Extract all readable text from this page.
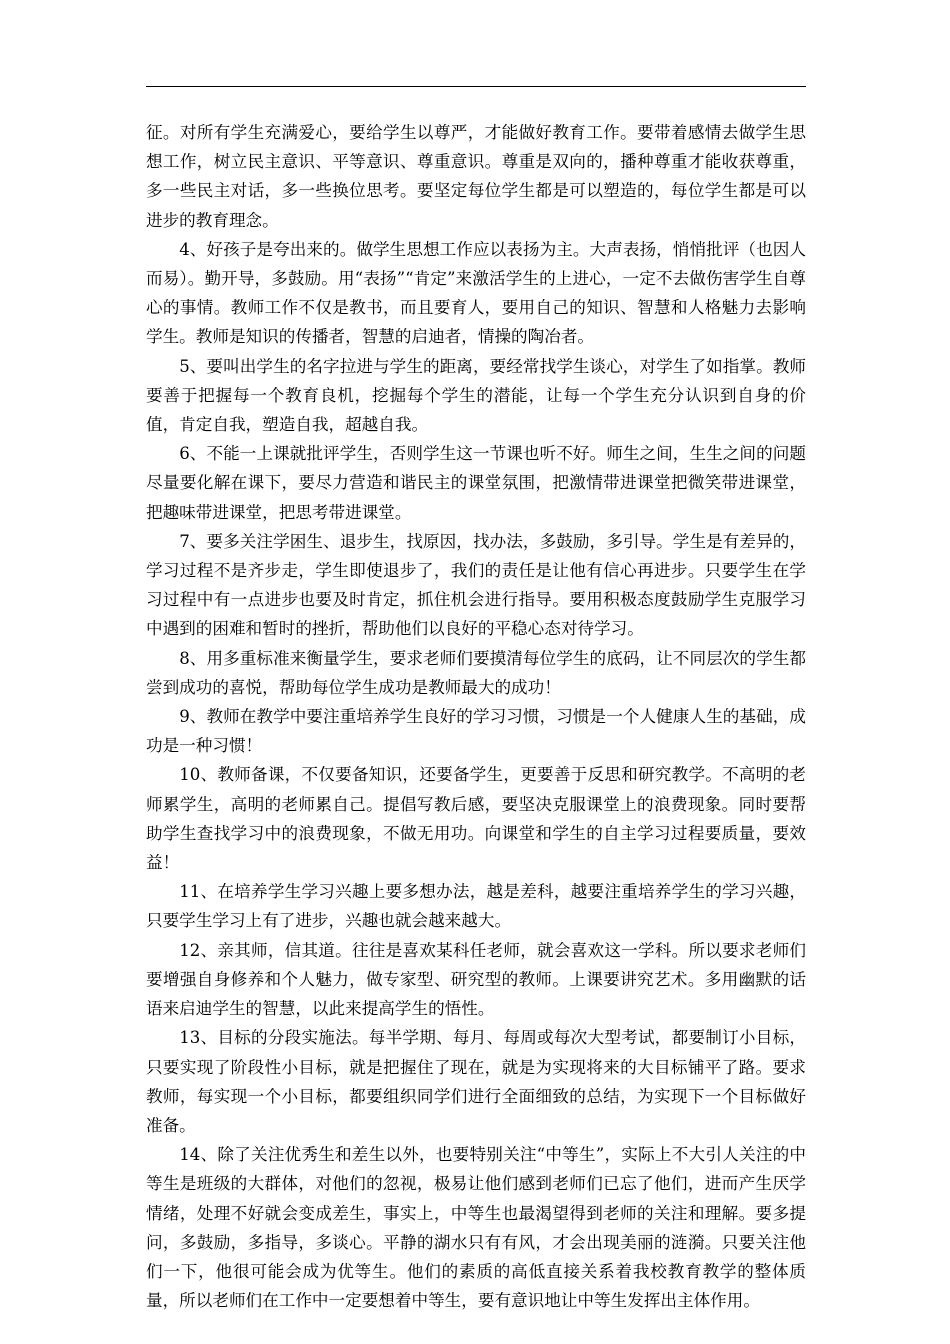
征。对所有学生充满爱心，要给学生以尊严，才能做好教育工作。要带着感情去做学生思想工作，树立民主意识、平等意识、尊重意识。尊重是双向的，播种尊重才能收获尊重，多一些民主对话，多一些换位思考。要坚定每位学生都是可以塑造的，每位学生都是可以进步的教育理念。

4、好孩子是夸出来的。做学生思想工作应以表扬为主。大声表扬，悄悄批评（也因人而易）。勤开导，多鼓励。用“表扬”“肯定”来激活学生的上进心，一定不去做伤害学生自尊心的事情。教师工作不仅是教书，而且要育人，要用自己的知识、智慧和人格魅力去影响学生。教师是知识的传播者，智慧的启迪者，情操的陶冶者。

5、要叫出学生的名字拉进与学生的距离，要经常找学生谈心，对学生了如指掌。教师要善于把握每一个教育良机，挖掘每个学生的潜能，让每一个学生充分认识到自身的价值，肯定自我，塑造自我，超越自我。

6、不能一上课就批评学生，否则学生这一节课也听不好。师生之间，生生之间的问题尽量要化解在课下，要尽力营造和谐民主的课堂氛围，把激情带进课堂把微笑带进课堂，把趣味带进课堂，把思考带进课堂。

7、要多关注学困生、退步生，找原因，找办法，多鼓励，多引导。学生是有差异的，学习过程不是齐步走，学生即使退步了，我们的责任是让他有信心再进步。只要学生在学习过程中有一点进步也要及时肯定，抓住机会进行指导。要用积极态度鼓励学生克服学习中遇到的困难和暂时的挫折，帮助他们以良好的平稳心态对待学习。

8、用多重标准来衡量学生，要求老师们要摸清每位学生的底码，让不同层次的学生都尝到成功的喜悦，帮助每位学生成功是教师最大的成功！

9、教师在教学中要注重培养学生良好的学习习惯，习惯是一个人健康人生的基础，成功是一种习惯！

10、教师备课，不仅要备知识，还要备学生，更要善于反思和研究教学。不高明的老师累学生，高明的老师累自己。提倡写教后感，要坚决克服课堂上的浪费现象。同时要帮助学生查找学习中的浪费现象，不做无用功。向课堂和学生的自主学习过程要质量，要效益！

11、在培养学生学习兴趣上要多想办法，越是差科，越要注重培养学生的学习兴趣，只要学生学习上有了进步，兴趣也就会越来越大。

12、亲其师，信其道。往往是喜欢某科任老师，就会喜欢这一学科。所以要求老师们要增强自身修养和个人魅力，做专家型、研究型的教师。上课要讲究艺术。多用幽默的话语来启迪学生的智慧，以此来提高学生的悟性。

13、目标的分段实施法。每半学期、每月、每周或每次大型考试，都要制订小目标，只要实现了阶段性小目标，就是把握住了现在，就是为实现将来的大目标铺平了路。要求教师，每实现一个小目标，都要组织同学们进行全面细致的总结，为实现下一个目标做好准备。

14、除了关注优秀生和差生以外，也要特别关注“中等生”，实际上不大引人关注的中等生是班级的大群体，对他们的忽视，极易让他们感到老师们已忘了他们，进而产生厌学情绪，处理不好就会变成差生，事实上，中等生也最渴望得到老师的关注和理解。要多提问，多鼓励，多指导，多谈心。平静的湖水只有有风，才会出现美丽的涟漪。只要关注他们一下，他很可能会成为优等生。他们的素质的高低直接关系着我校教育教学的整体质量，所以老师们在工作中一定要想着中等生，要有意识地让中等生发挥出主体作用。
